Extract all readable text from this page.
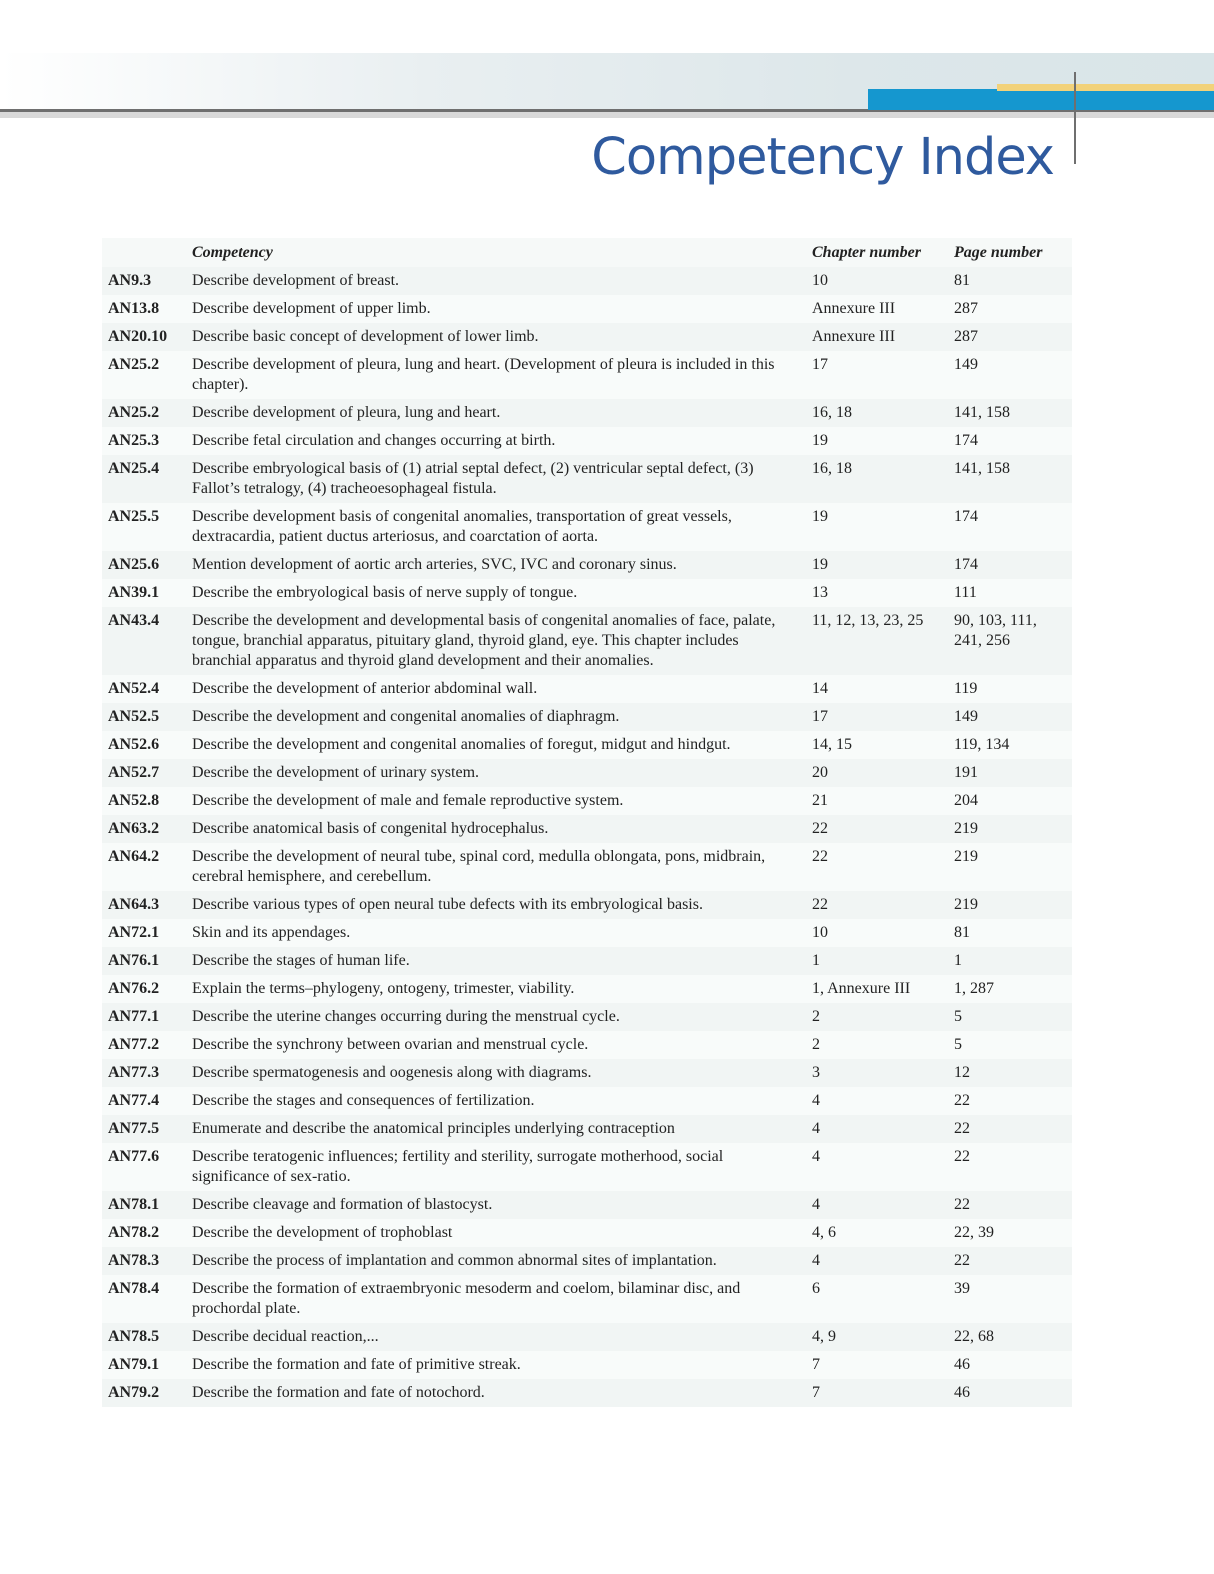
Competency Index
	Competency	Chapter number	Page number
AN9.3	Describe development of breast.	10	81
AN13.8	Describe development of upper limb.	Annexure III	287
AN20.10	Describe basic concept of development of lower limb.	Annexure III	287
AN25.2	Describe development of pleura, lung and heart. (Development of pleura is included in this chapter).	17	149
AN25.2	Describe development of pleura, lung and heart.	16, 18	141, 158
AN25.3	Describe fetal circulation and changes occurring at birth.	19	174
AN25.4	Describe embryological basis of (1) atrial septal defect, (2) ventricular septal defect, (3) Fallot’s tetralogy, (4) tracheoesophageal fistula.	16, 18	141, 158
AN25.5	Describe development basis of congenital anomalies, transportation of great vessels, dextracardia, patient ductus arteriosus, and coarctation of aorta.	19	174
AN25.6	Mention development of aortic arch arteries, SVC, IVC and coronary sinus.	19	174
AN39.1	Describe the embryological basis of nerve supply of tongue.	13	111
AN43.4	Describe the development and developmental basis of congenital anomalies of face, palate, tongue, branchial apparatus, pituitary gland, thyroid gland, eye. This chapter includes branchial apparatus and thyroid gland development and their anomalies.	11, 12, 13, 23, 25	90, 103, 111, 241, 256
AN52.4	Describe the development of anterior abdominal wall.	14	119
AN52.5	Describe the development and congenital anomalies of diaphragm.	17	149
AN52.6	Describe the development and congenital anomalies of foregut, midgut and hindgut.	14, 15	119, 134
AN52.7	Describe the development of urinary system.	20	191
AN52.8	Describe the development of male and female reproductive system.	21	204
AN63.2	Describe anatomical basis of congenital hydrocephalus.	22	219
AN64.2	Describe the development of neural tube, spinal cord, medulla oblongata, pons, midbrain, cerebral hemisphere, and cerebellum.	22	219
AN64.3	Describe various types of open neural tube defects with its embryological basis.	22	219
AN72.1	Skin and its appendages.	10	81
AN76.1	Describe the stages of human life.	1	1
AN76.2	Explain the terms–phylogeny, ontogeny, trimester, viability.	1, Annexure III	1, 287
AN77.1	Describe the uterine changes occurring during the menstrual cycle.	2	5
AN77.2	Describe the synchrony between ovarian and menstrual cycle.	2	5
AN77.3	Describe spermatogenesis and oogenesis along with diagrams.	3	12
AN77.4	Describe the stages and consequences of fertilization.	4	22
AN77.5	Enumerate and describe the anatomical principles underlying contraception	4	22
AN77.6	Describe teratogenic influences; fertility and sterility, surrogate motherhood, social significance of sex-ratio.	4	22
AN78.1	Describe cleavage and formation of blastocyst.	4	22
AN78.2	Describe the development of trophoblast	4, 6	22, 39
AN78.3	Describe the process of implantation and common abnormal sites of implantation.	4	22
AN78.4	Describe the formation of extraembryonic mesoderm and coelom, bilaminar disc, and prochordal plate.	6	39
AN78.5	Describe decidual reaction,...	4, 9	22, 68
AN79.1	Describe the formation and fate of primitive streak.	7	46
AN79.2	Describe the formation and fate of notochord.	7	46
